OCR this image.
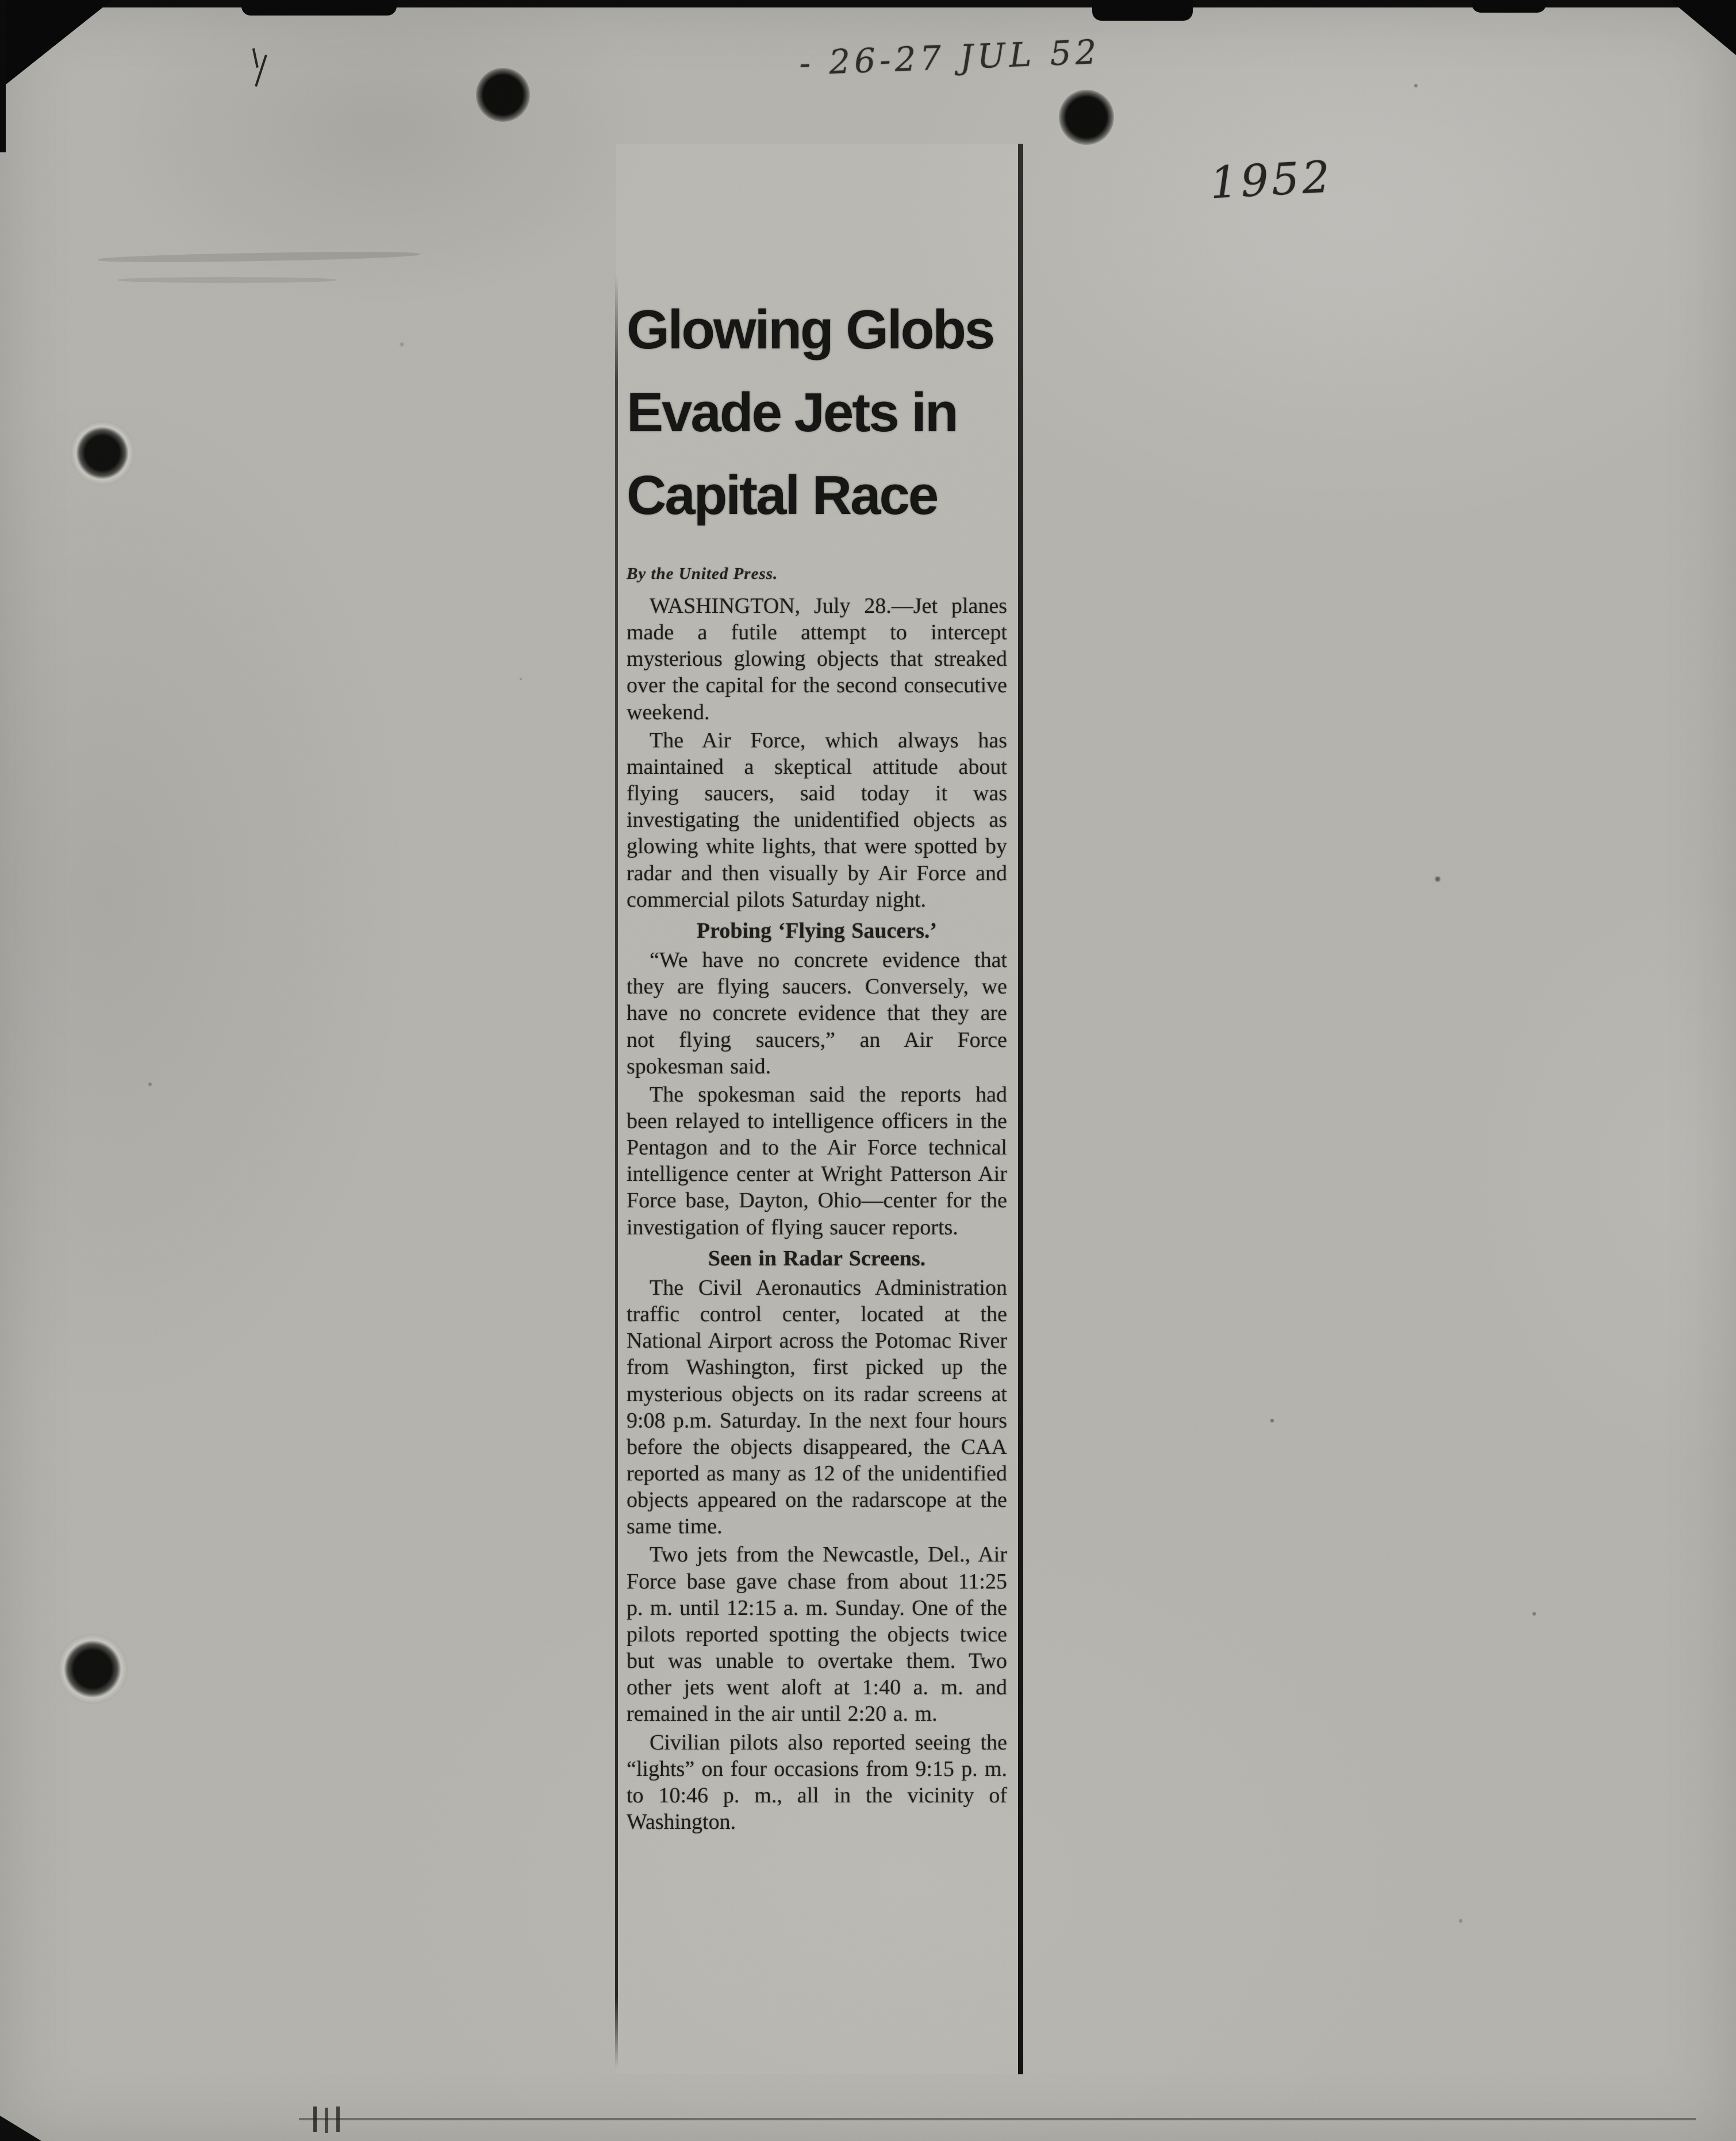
- 26-27 JUL 52
1952
Glowing Globs
Evade Jets in
Capital Race
By the United Press.

WASHINGTON, July 28.—Jet planes made a futile attempt to intercept mysterious glowing objects that streaked over the capital for the second consecutive weekend.

The Air Force, which always has maintained a skeptical attitude about flying saucers, said today it was investigating the unidentified objects as glowing white lights, that were spotted by radar and then visually by Air Force and commercial pilots Saturday night.

Probing ‘Flying Saucers.’

“We have no concrete evidence that they are flying saucers. Conversely, we have no concrete evidence that they are not flying saucers,” an Air Force spokesman said.

The spokesman said the reports had been relayed to intelligence officers in the Pentagon and to the Air Force technical intelligence center at Wright Patterson Air Force base, Dayton, Ohio—center for the investigation of flying saucer reports.

Seen in Radar Screens.

The Civil Aeronautics Administration traffic control center, located at the National Airport across the Potomac River from Washington, first picked up the mysterious objects on its radar screens at 9:08 p.m. Saturday. In the next four hours before the objects disappeared, the CAA reported as many as 12 of the unidentified objects appeared on the radarscope at the same time.

Two jets from the Newcastle, Del., Air Force base gave chase from about 11:25 p. m. until 12:15 a. m. Sunday. One of the pilots reported spotting the objects twice but was unable to overtake them. Two other jets went aloft at 1:40 a. m. and remained in the air until 2:20 a. m.

Civilian pilots also reported seeing the “lights” on four occasions from 9:15 p. m. to 10:46 p. m., all in the vicinity of Washington.
